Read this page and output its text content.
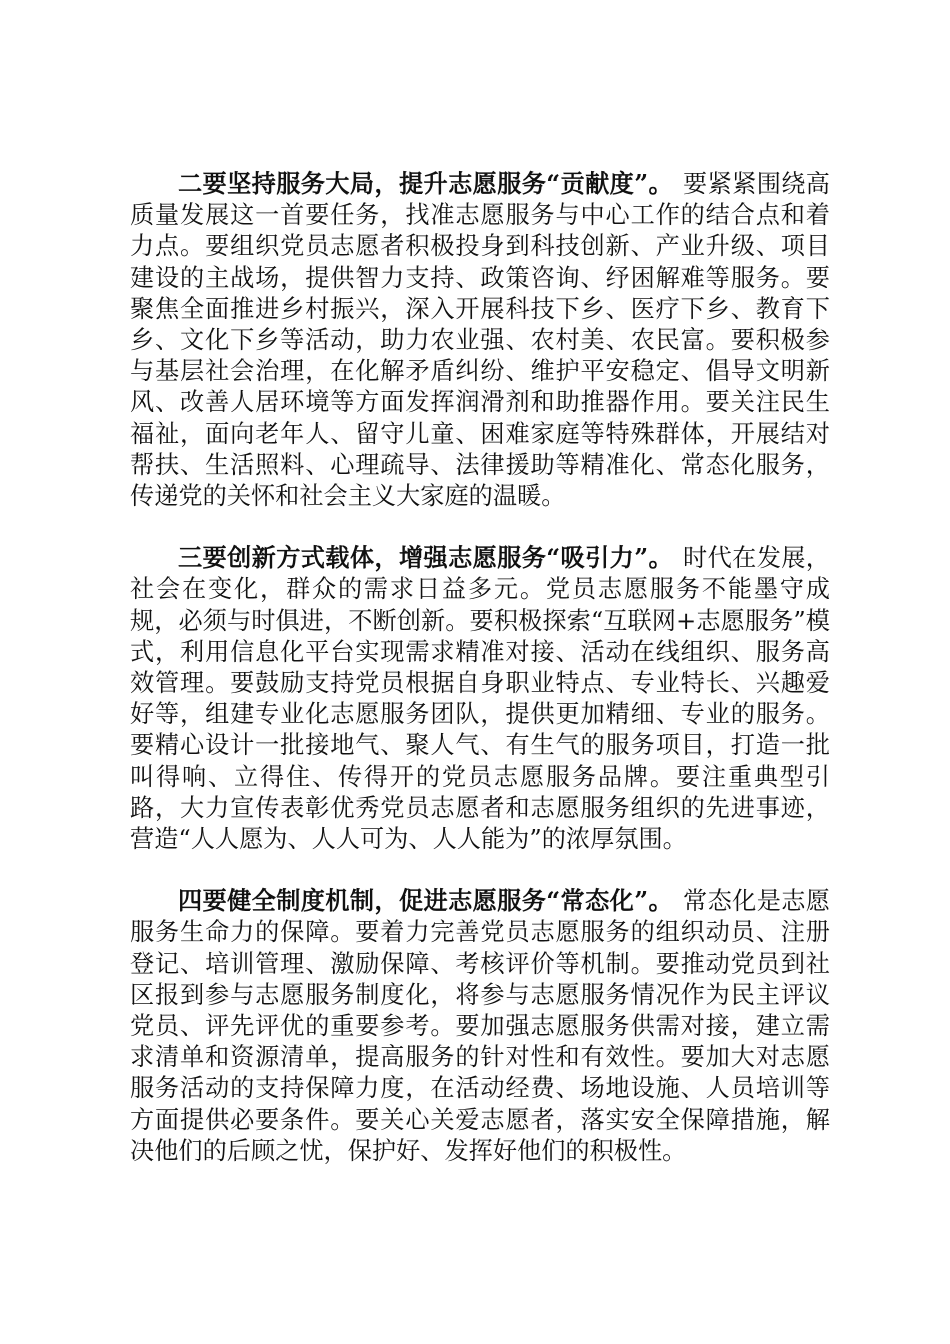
二要坚持服务大局，提升志愿服务“贡献度”。 要紧紧围绕高质量发展这一首要任务，找准志愿服务与中心工作的结合点和着力点。要组织党员志愿者积极投身到科技创新、产业升级、项目建设的主战场，提供智力支持、政策咨询、纾困解难等服务。要聚焦全面推进乡村振兴，深入开展科技下乡、医疗下乡、教育下乡、文化下乡等活动，助力农业强、农村美、农民富。要积极参与基层社会治理，在化解矛盾纠纷、维护平安稳定、倡导文明新风、改善人居环境等方面发挥润滑剂和助推器作用。要关注民生福祉，面向老年人、留守儿童、困难家庭等特殊群体，开展结对帮扶、生活照料、心理疏导、法律援助等精准化、常态化服务，传递党的关怀和社会主义大家庭的温暖。

三要创新方式载体，增强志愿服务“吸引力”。 时代在发展，社会在变化，群众的需求日益多元。党员志愿服务不能墨守成规，必须与时俱进，不断创新。要积极探索“互联网+志愿服务”模式，利用信息化平台实现需求精准对接、活动在线组织、服务高效管理。要鼓励支持党员根据自身职业特点、专业特长、兴趣爱好等，组建专业化志愿服务团队，提供更加精细、专业的服务。要精心设计一批接地气、聚人气、有生气的服务项目，打造一批叫得响、立得住、传得开的党员志愿服务品牌。要注重典型引路，大力宣传表彰优秀党员志愿者和志愿服务组织的先进事迹，营造“人人愿为、人人可为、人人能为”的浓厚氛围。

四要健全制度机制，促进志愿服务“常态化”。 常态化是志愿服务生命力的保障。要着力完善党员志愿服务的组织动员、注册登记、培训管理、激励保障、考核评价等机制。要推动党员到社区报到参与志愿服务制度化，将参与志愿服务情况作为民主评议党员、评先评优的重要参考。要加强志愿服务供需对接，建立需求清单和资源清单，提高服务的针对性和有效性。要加大对志愿服务活动的支持保障力度，在活动经费、场地设施、人员培训等方面提供必要条件。要关心关爱志愿者，落实安全保障措施，解决他们的后顾之忧，保护好、发挥好他们的积极性。
